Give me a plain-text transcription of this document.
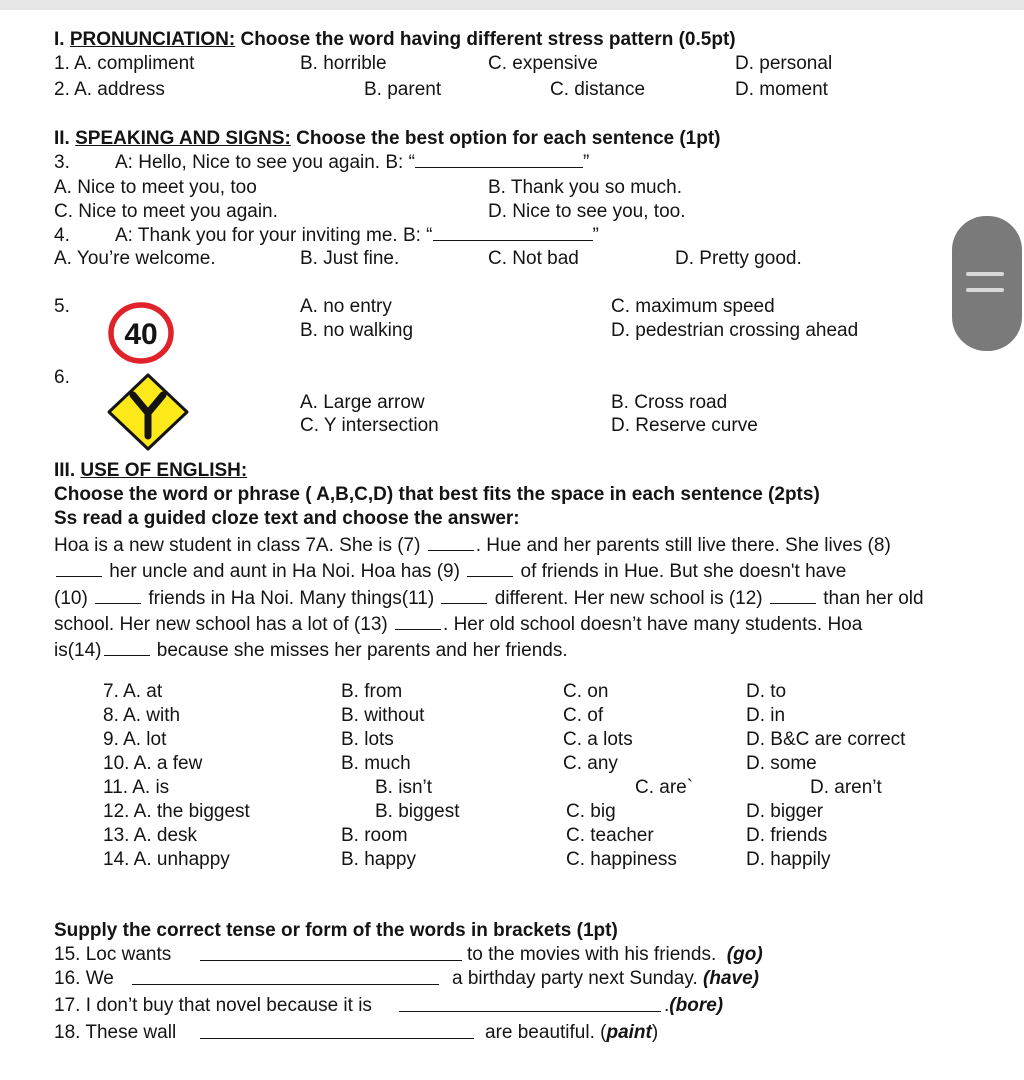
I. PRONUNCIATION: Choose the word having different stress pattern (0.5pt)
1. A. compliment	B. horrible	C. expensive	D. personal
2. A. address	B. parent	C. distance	D. moment
II. SPEAKING AND SIGNS: Choose the best option for each sentence (1pt)
3. A: Hello, Nice to see you again. B: “	”
A. Nice to meet you, too	B. Thank you so much.
C. Nice to meet you again.	D. Nice to see you, too.
4. A: Thank you for your inviting me. B: “	”
A. You’re welcome.	B. Just fine.	C. Not bad	D. Pretty good.
5.
40
A. no entry	C. maximum speed
B. no walking	D. pedestrian crossing ahead
6.
A. Large arrow	B. Cross road
C. Y intersection	D. Reserve curve
III. USE OF ENGLISH:
Choose the word or phrase ( A,B,C,D) that best fits the space in each sentence (2pts)
Ss read a guided cloze text and choose the answer:
Hoa is a new student in class 7A. She is (7)	. Hue and her parents still live there. She lives (8)
her uncle and aunt in Ha Noi. Hoa has (9)	of friends in Hue. But she doesn't have
(10)	friends in Ha Noi. Many things(11)	different. Her new school is (12)	than her old
school. Her new school has a lot of (13)	. Her old school doesn’t have many students. Hoa
is(14)	because she misses her parents and her friends.
7. A. at	B. from	C. on	D. to
8. A. with	B. without	C. of	D. in
9. A. lot	B. lots	C. a lots	D. B&C are correct
10. A. a few	B. much	C. any	D. some
11. A. is	B. isn’t	C. are`	D. aren’t
12. A. the biggest	B. biggest	C. big	D. bigger
13. A. desk	B. room	C. teacher	D. friends
14. A. unhappy	B. happy	C. happiness	D. happily
Supply the correct tense or form of the words in brackets (1pt)
15. Loc wants	to the movies with his friends. (go)
16. We	a birthday party next Sunday. (have)
17. I don’t buy that novel because it is	.(bore)
18. These wall	are beautiful. (paint)
